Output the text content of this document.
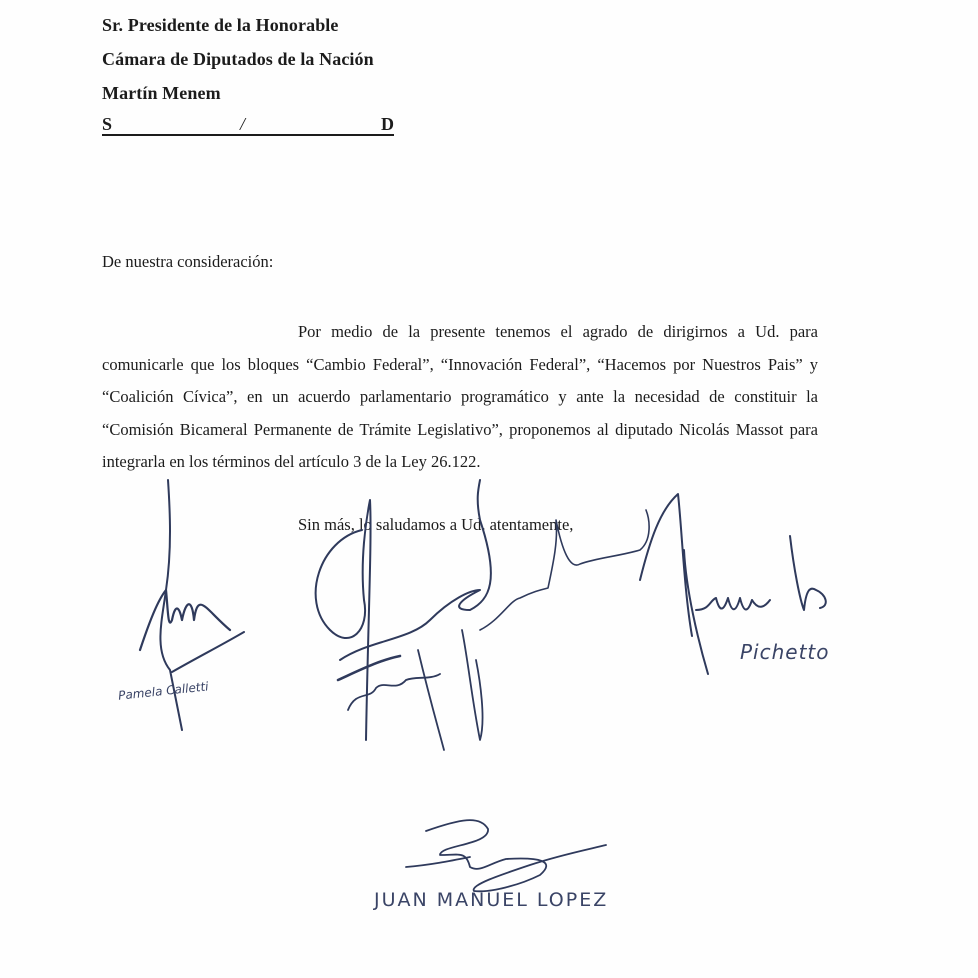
Sr. Presidente de la Honorable
Cámara de Diputados de la Nación
Martín Menem
S	/	D
De nuestra consideración:
Por medio de la presente tenemos el agrado de dirigirnos a Ud. para comunicarle que los bloques “Cambio Federal”, “Innovación Federal”, “Hacemos por Nuestros Pais” y “Coalición Cívica”, en un acuerdo parlamentario programático y ante la necesidad de constituir la “Comisión Bicameral Permanente de Trámite Legislativo”, proponemos al diputado Nicolás Massot para integrarla en los términos del artículo 3 de la Ley 26.122.
Sin más, lo saludamos a Ud. atentamente,
Pamela Calletti
Pichetto
JUAN MANUEL LOPEZ
